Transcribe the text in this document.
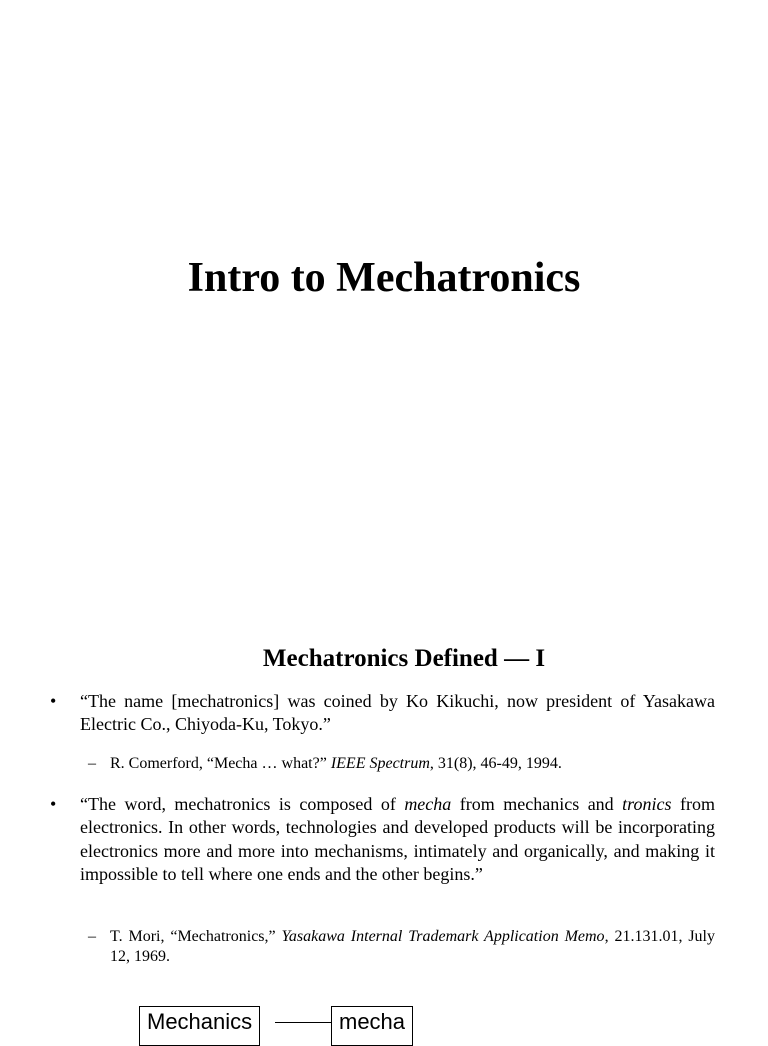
Intro to Mechatronics
Mechatronics Defined — I
•	“The name [mechatronics] was coined by Ko Kikuchi, now president of Yasakawa Electric Co., Chiyoda-Ku, Tokyo.”
– R. Comerford, “Mecha … what?” IEEE Spectrum, 31(8), 46-49, 1994.
•	“The word, mechatronics is composed of mecha from mechanics and tronics from electronics. In other words, technologies and developed products will be incorporating electronics more and more into mechanisms, intimately and organically, and making it impossible to tell where one ends and the other begins.”
– T. Mori, “Mechatronics,” Yasakawa Internal Trademark Application Memo, 21.131.01, July 12, 1969.
Mechanics	mecha
